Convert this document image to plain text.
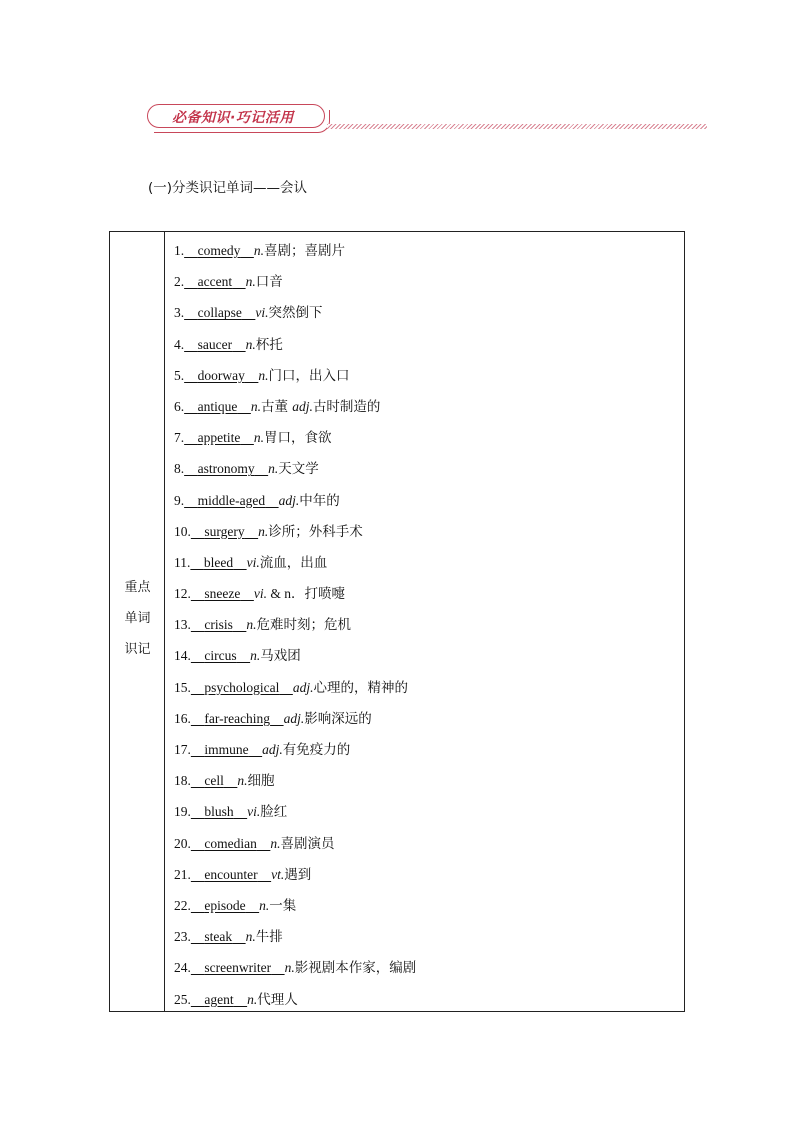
必备知识·巧记活用
(一)分类识记单词——会认
重点
单词
识记
1. comedy n.喜剧；喜剧片
2. accent n.口音
3. collapse vi.突然倒下
4. saucer n.杯托
5. doorway n.门口，出入口
6. antique n.古董 adj.古时制造的
7. appetite n.胃口，食欲
8. astronomy n.天文学
9. middle-aged adj.中年的
10. surgery n.诊所；外科手术
11. bleed vi.流血，出血
12. sneeze vi. & n．打喷嚏
13. crisis n.危难时刻；危机
14. circus n.马戏团
15. psychological adj.心理的，精神的
16. far-reaching adj.影响深远的
17. immune adj.有免疫力的
18. cell n.细胞
19. blush vi.脸红
20. comedian n.喜剧演员
21. encounter vt.遇到
22. episode n.一集
23. steak n.牛排
24. screenwriter n.影视剧本作家，编剧
25. agent n.代理人
